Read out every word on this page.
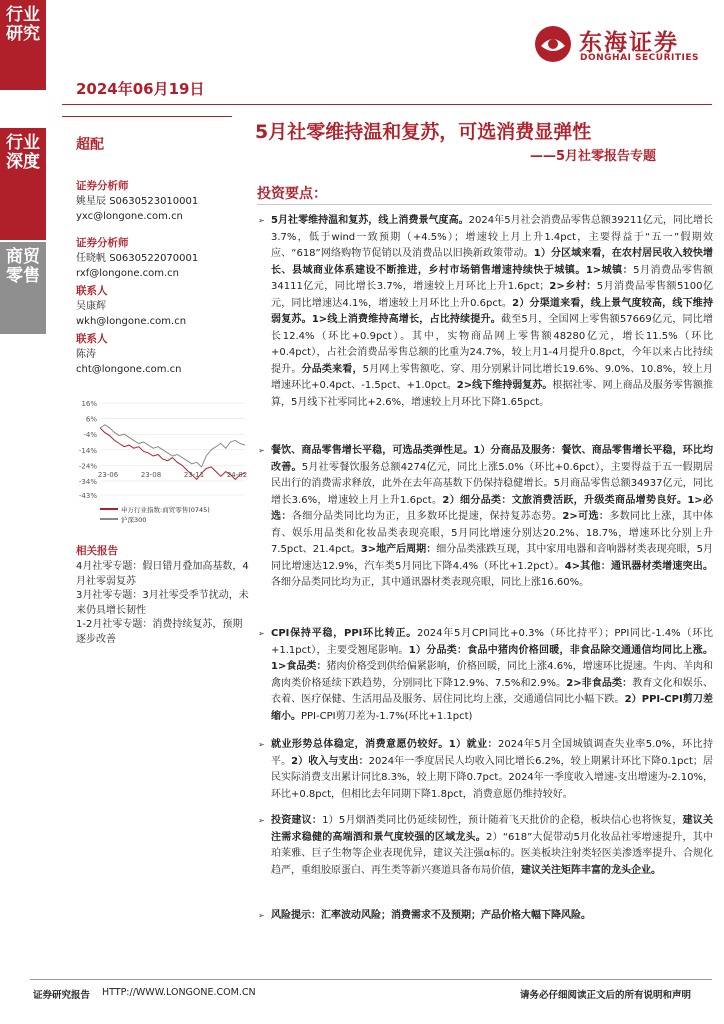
行业研究
行业深度
商贸零售
2024年06月19日
东海证券
DONGHAI SECURITIES
超配
5月社零维持温和复苏，可选消费显弹性
——5月社零报告专题
证券分析师
姚星辰 S0630523010001
yxc@longone.com.cn
证券分析师
任晓帆 S0630522070001
rxf@longone.com.cn
联系人
吴康辉
wkh@longone.com.cn
联系人
陈涛
cht@longone.com.cn
16%
6%
-4%
-14%
-24%
-34%
-43%
23-06	23-08	23-11	24-02
申万行业指数:商贸零售(0745)
沪深300
相关报告
4月社零专题：假日错月叠加高基数，4月社零弱复苏
3月社零专题：3月社零受季节扰动，未来仍具增长韧性
1-2月社零专题：消费持续复苏，预期逐步改善
投资要点：
➢ 5月社零维持温和复苏，线上消费景气度高。2024年5月社会消费品零售总额39211亿元，同比增长3.7%，低于wind一致预期（+4.5%）；增速较上月上升1.4pct，主要得益于“五一”假期效应、“618”网络购物节促销以及消费品以旧换新政策带动。1）分区域来看，在农村居民收入较快增长、县域商业体系建设不断推进，乡村市场销售增速持续快于城镇。1>城镇：5月消费品零售额34111亿元，同比增长3.7%，增速较上月环比上升1.6pct；2>乡村：5月消费品零售额5100亿元，同比增速达4.1%，增速较上月环比上升0.6pct。2）分渠道来看，线上景气度较高，线下维持弱复苏。1>线上消费维持高增长，占比持续提升。截至5月，全国网上零售额57669亿元，同比增长12.4%（环比+0.9pct）。其中，实物商品网上零售额48280亿元，增长11.5%（环比+0.4pct），占社会消费品零售总额的比重为24.7%，较上月1-4月提升0.8pct，今年以来占比持续提升。分品类来看，5月网上零售额吃、穿、用分别累计同比增长19.6%、9.0%、10.8%，较上月增速环比+0.4pct、-1.5pct、+1.0pct。2>线下维持弱复苏。根据社零、网上商品及服务零售额推算，5月线下社零同比+2.6%，增速较上月环比下降1.65pct。
➢ 餐饮、商品零售增长平稳，可选品类弹性足。1）分商品及服务：餐饮、商品零售增长平稳，环比均改善。5月社零餐饮服务总额4274亿元，同比上涨5.0%（环比+0.6pct），主要得益于五一假期居民出行的消费需求释放，此外在去年高基数下仍保持稳健增长。5月商品零售总额34937亿元，同比增长3.6%，增速较上月上升1.6pct。2）细分品类：文旅消费活跃，升级类商品增势良好。1>必选：各细分品类同比均为正，且多数环比提速，保持复苏态势。2>可选：多数同比上涨，其中体育、娱乐用品类和化妆品类表现亮眼，5月同比增速分别达20.2%、18.7%，增速环比分别上升7.5pct、21.4pct。3>地产后周期：细分品类涨跌互现，其中家用电器和音响器材类表现亮眼，5月同比增速达12.9%，汽车类5月同比下降4.4%（环比+1.2pct）。4>其他：通讯器材类增速突出。各细分品类同比均为正，其中通讯器材类表现亮眼，同比上涨16.60%。
➢ CPI保持平稳，PPI环比转正。2024年5月CPI同比+0.3%（环比持平）；PPI同比-1.4%（环比+1.1pct），主要受翘尾影响。1）分品类：食品中猪肉价格回暖，非食品除交通通信均同比上涨。1>食品类：猪肉价格受到供给偏紧影响，价格回暖，同比上涨4.6%，增速环比提速。牛肉、羊肉和禽肉类价格延续下跌趋势，分别同比下降12.9%、7.5%和2.9%。2>非食品类：教育文化和娱乐、衣着、医疗保健、生活用品及服务、居住同比均上涨，交通通信同比小幅下跌。2）PPI-CPI剪刀差缩小。PPI-CPI剪刀差为-1.7%(环比+1.1pct)
➢ 就业形势总体稳定，消费意愿仍较好。1）就业：2024年5月全国城镇调查失业率5.0%，环比持平。2）收入与支出：2024年一季度居民人均收入同比增长6.2%，较上期累计环比下降0.1pct；居民实际消费支出累计同比8.3%，较上期下降0.7pct。2024年一季度收入增速-支出增速为-2.10%，环比+0.8pct，但相比去年同期下降1.8pct，消费意愿仍维持较好。
➢ 投资建议：1）5月烟酒类同比仍延续韧性，预计随着飞天批价的企稳，板块信心也将恢复，建议关注需求稳健的高端酒和景气度较强的区域龙头。2）“618”大促带动5月化妆品社零增速提升，其中珀莱雅、巨子生物等企业表现优异，建议关注强α标的。医美板块注射类轻医美渗透率提升、合规化趋严，重组胶原蛋白、再生类等新兴赛道具备布局价值，建议关注矩阵丰富的龙头企业。
➢ 风险提示：汇率波动风险；消费需求不及预期；产品价格大幅下降风险。
证券研究报告 HTTP://WWW.LONGONE.COM.CN	请务必仔细阅读正文后的所有说明和声明
